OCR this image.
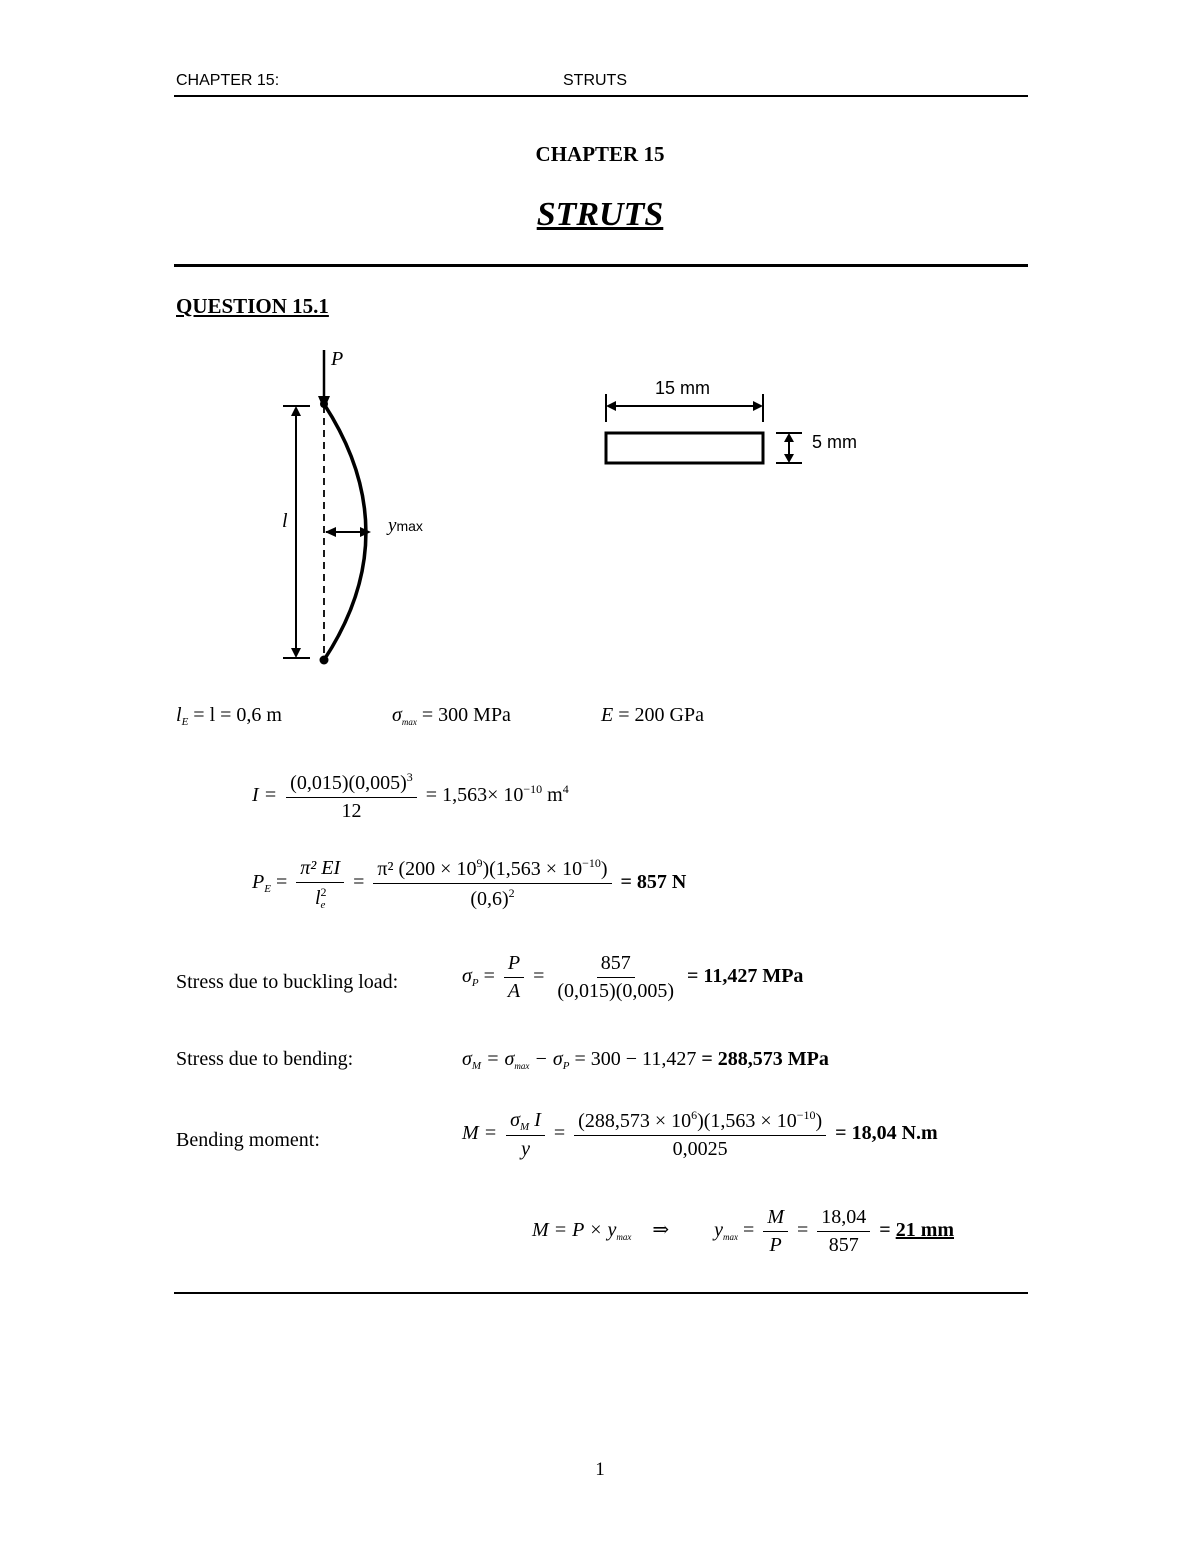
CHAPTER 15:	STRUTS
CHAPTER 15
STRUTS
QUESTION 15.1
P
l	ymax
15 mm
5 mm
$l_E = l = 0,6$ m	$\sigma_{max} = 300$ MPa	E = 200 GPa
$I = \frac{(0,015)(0,005)^3}{12} = 1,563\times 10^{-10}$ $m^4$
$P_E = \frac{\text{π² EI}}{l^2_e} = \frac{\pi^2 (200 \times 10^9)(1,563 \times 10^{-10})}{(0,6)^2} = 857$ N
Stress due to buckling load:	$\sigma_P = \frac{P}{A} = \frac{857}{(0,015)(0,005)} = 11,427$ MPa
Stress due to bending:	$\sigma_M = \sigma_{max} - \sigma_P = 300 - 11,427 = 288,573$ MPa
Bending moment:	$M = \frac{\sigma_M I}{y} = \frac{(288,573 \times 10^6)(1,563 \times 10^{-10})}{0,0025} = 18,04$ N.m
$M = P \times y_{max}$ ⇒ $y_{max} = \frac{M}{P} = \frac{18,04}{857} = 21$ mm
1
